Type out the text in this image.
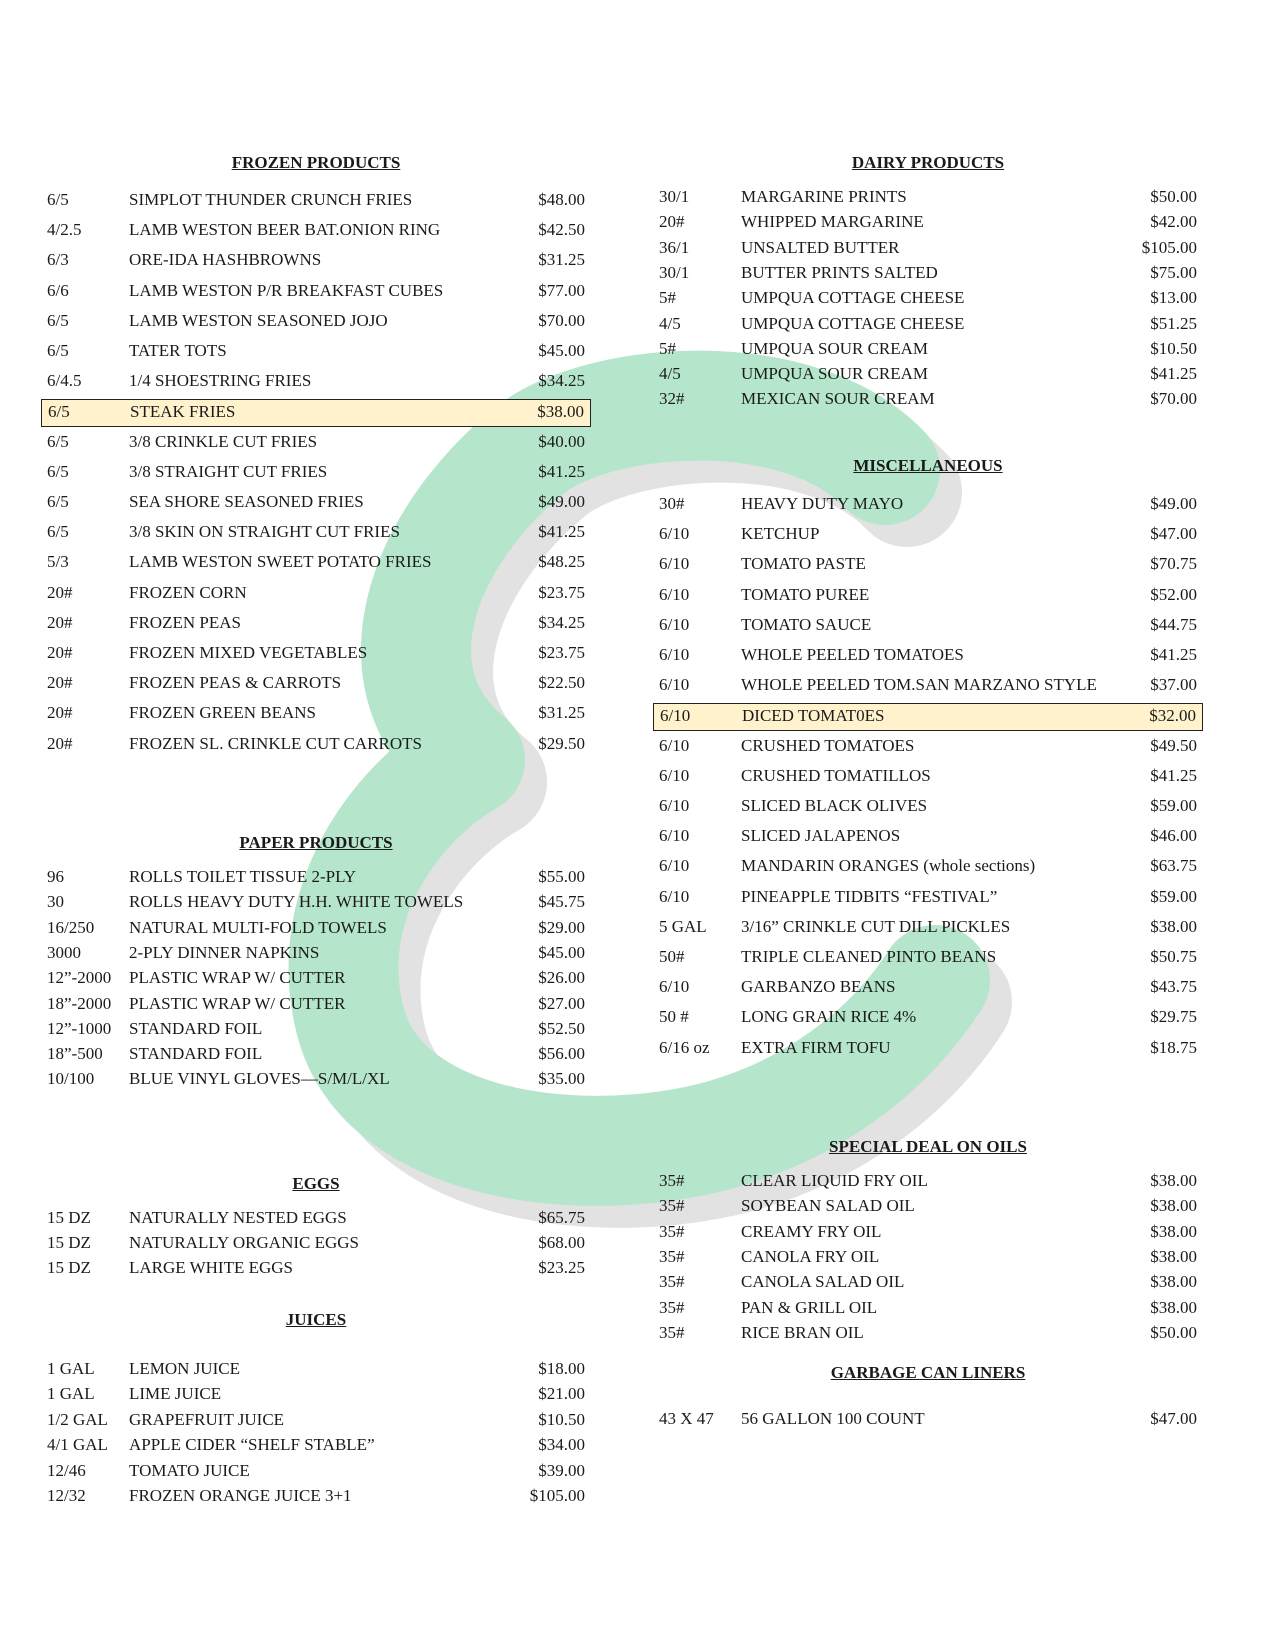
FROZEN PRODUCTS
PAPER PRODUCTS
EGGS
JUICES
6/5	SIMPLOT THUNDER CRUNCH FRIES	$48.00
4/2.5	LAMB WESTON BEER BAT.ONION RING	$42.50
6/3	ORE-IDA HASHBROWNS	$31.25
6/6	LAMB WESTON P/R BREAKFAST CUBES	$77.00
6/5	LAMB WESTON SEASONED JOJO	$70.00
6/5	TATER TOTS	$45.00
6/4.5	1/4 SHOESTRING FRIES	$34.25
6/5	STEAK FRIES	$38.00
6/5	3/8 CRINKLE CUT FRIES	$40.00
6/5	3/8 STRAIGHT CUT FRIES	$41.25
6/5	SEA SHORE SEASONED FRIES	$49.00
6/5	3/8 SKIN ON STRAIGHT CUT FRIES	$41.25
5/3	LAMB WESTON SWEET POTATO FRIES	$48.25
20#	FROZEN CORN	$23.75
20#	FROZEN PEAS	$34.25
20#	FROZEN MIXED VEGETABLES	$23.75
20#	FROZEN PEAS & CARROTS	$22.50
20#	FROZEN GREEN BEANS	$31.25
20#	FROZEN SL. CRINKLE CUT CARROTS	$29.50
96	ROLLS TOILET TISSUE 2-PLY	$55.00
30	ROLLS HEAVY DUTY H.H. WHITE TOWELS	$45.75
16/250 NATURAL MULTI-FOLD TOWELS	$29.00
3000	2-PLY DINNER NAPKINS	$45.00
12”-2000 PLASTIC WRAP W/ CUTTER	$26.00
18”-2000 PLASTIC WRAP W/ CUTTER	$27.00
12”-1000 STANDARD FOIL	$52.50
18”-500 STANDARD FOIL	$56.00
10/100 BLUE VINYL GLOVES—S/M/L/XL	$35.00
15 DZ NATURALLY NESTED EGGS	$65.75
15 DZ NATURALLY ORGANIC EGGS	$68.00
15 DZ LARGE WHITE EGGS	$23.25
1 GAL LEMON JUICE	$18.00
1 GAL LIME JUICE	$21.00
1/2 GAL GRAPEFRUIT JUICE	$10.50
4/1 GAL APPLE CIDER “SHELF STABLE”	$34.00
12/46	TOMATO JUICE	$39.00
12/32	FROZEN ORANGE JUICE 3+1	$105.00
DAIRY PRODUCTS
MISCELLANEOUS
SPECIAL DEAL ON OILS
GARBAGE CAN LINERS
30/1	MARGARINE PRINTS	$50.00
20#	WHIPPED MARGARINE	$42.00
36/1	UNSALTED BUTTER	$105.00
30/1	BUTTER PRINTS SALTED	$75.00
5#	UMPQUA COTTAGE CHEESE	$13.00
4/5	UMPQUA COTTAGE CHEESE	$51.25
5#	UMPQUA SOUR CREAM	$10.50
4/5	UMPQUA SOUR CREAM	$41.25
32#	MEXICAN SOUR CREAM	$70.00
30#	HEAVY DUTY MAYO	$49.00
6/10	KETCHUP	$47.00
6/10	TOMATO PASTE	$70.75
6/10	TOMATO PUREE	$52.00
6/10	TOMATO SAUCE	$44.75
6/10	WHOLE PEELED TOMATOES	$41.25
6/10	WHOLE PEELED TOM.SAN MARZANO STYLE	$37.00
6/10	DICED TOMAT0ES	$32.00
6/10	CRUSHED TOMATOES	$49.50
6/10	CRUSHED TOMATILLOS	$41.25
6/10	SLICED BLACK OLIVES	$59.00
6/10	SLICED JALAPENOS	$46.00
6/10	MANDARIN ORANGES (whole sections)	$63.75
6/10	PINEAPPLE TIDBITS “FESTIVAL”	$59.00
5 GAL 3/16” CRINKLE CUT DILL PICKLES	$38.00
50#	TRIPLE CLEANED PINTO BEANS	$50.75
6/10	GARBANZO BEANS	$43.75
50 #	LONG GRAIN RICE 4%	$29.75
6/16 oz EXTRA FIRM TOFU	$18.75
35#	CLEAR LIQUID FRY OIL	$38.00
35#	SOYBEAN SALAD OIL	$38.00
35#	CREAMY FRY OIL	$38.00
35#	CANOLA FRY OIL	$38.00
35#	CANOLA SALAD OIL	$38.00
35#	PAN & GRILL OIL	$38.00
35#	RICE BRAN OIL	$50.00
43 X 47 56 GALLON 100 COUNT	$47.00
